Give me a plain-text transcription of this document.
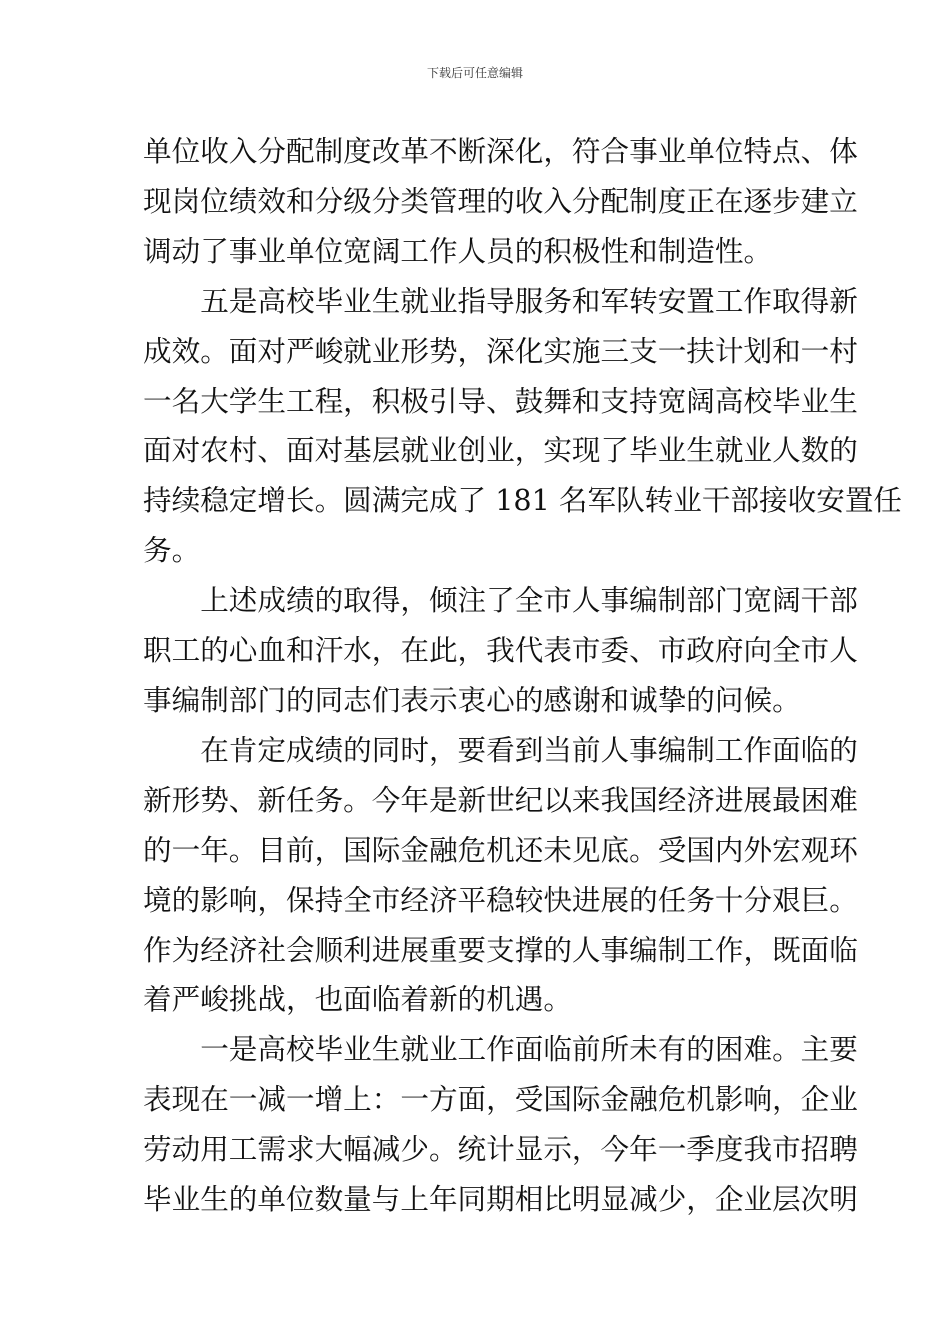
下载后可任意编辑

单位收入分配制度改革不断深化，符合事业单位特点、体
现岗位绩效和分级分类管理的收入分配制度正在逐步建立
调动了事业单位宽阔工作人员的积极性和制造性。

五是高校毕业生就业指导服务和军转安置工作取得新
成效。面对严峻就业形势，深化实施三支一扶计划和一村
一名大学生工程，积极引导、鼓舞和支持宽阔高校毕业生
面对农村、面对基层就业创业，实现了毕业生就业人数的
持续稳定增长。圆满完成了 181 名军队转业干部接收安置任
务。

上述成绩的取得，倾注了全市人事编制部门宽阔干部
职工的心血和汗水，在此，我代表市委、市政府向全市人
事编制部门的同志们表示衷心的感谢和诚挚的问候。

在肯定成绩的同时，要看到当前人事编制工作面临的
新形势、新任务。今年是新世纪以来我国经济进展最困难
的一年。目前，国际金融危机还未见底。受国内外宏观环
境的影响，保持全市经济平稳较快进展的任务十分艰巨。
作为经济社会顺利进展重要支撑的人事编制工作，既面临
着严峻挑战，也面临着新的机遇。

一是高校毕业生就业工作面临前所未有的困难。主要
表现在一减一增上：一方面，受国际金融危机影响，企业
劳动用工需求大幅减少。统计显示，今年一季度我市招聘
毕业生的单位数量与上年同期相比明显减少，企业层次明
